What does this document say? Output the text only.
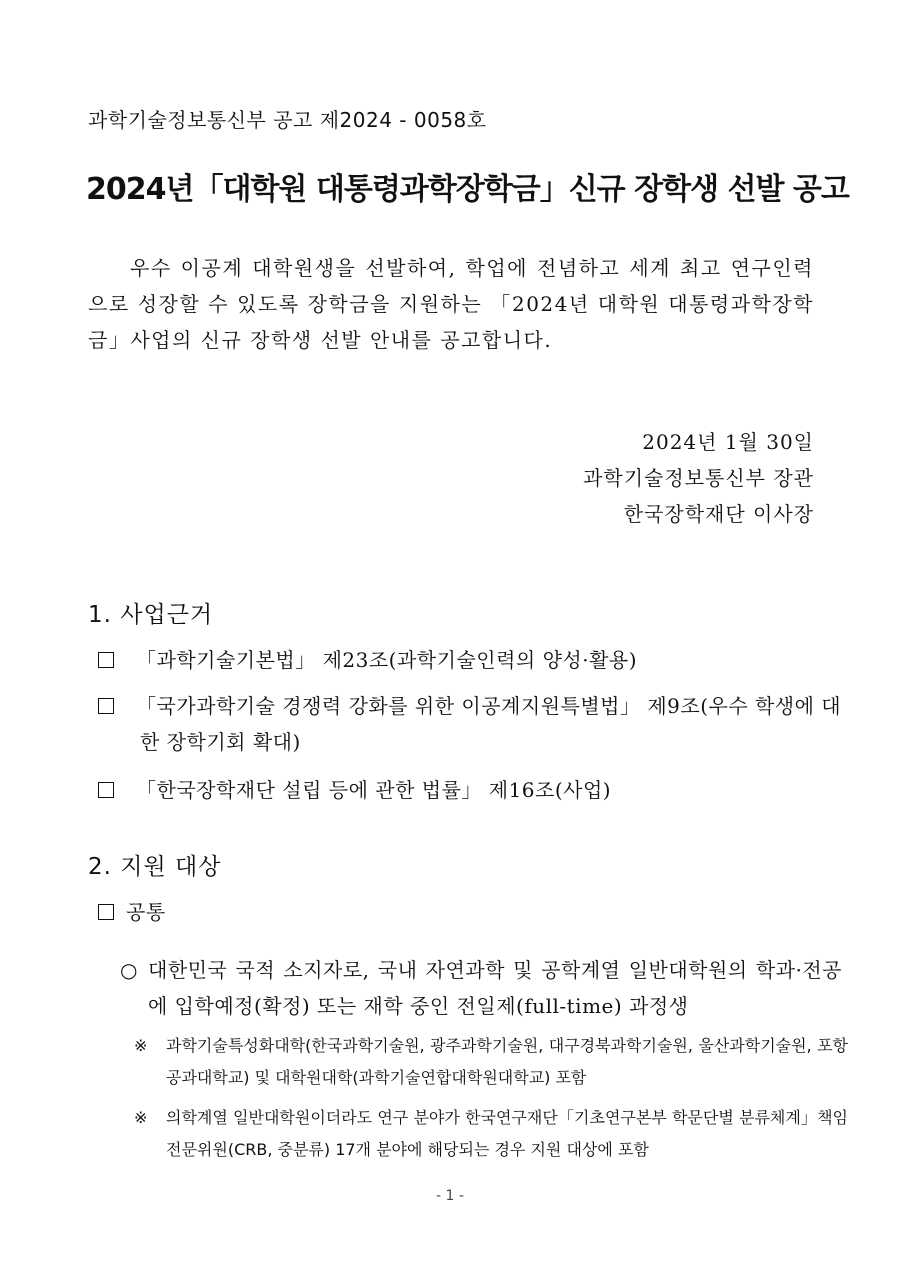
과학기술정보통신부 공고 제2024 - 0058호
2024년「대학원 대통령과학장학금」신규 장학생 선발 공고
우수 이공계 대학원생을 선발하여, 학업에 전념하고 세계 최고 연구인력으로 성장할 수 있도록 장학금을 지원하는 「2024년 대학원 대통령과학장학금」사업의 신규 장학생 선발 안내를 공고합니다.
2024년 1월 30일
과학기술정보통신부 장관
한국장학재단 이사장
1. 사업근거
「과학기술기본법」 제23조(과학기술인력의 양성·활용)
「국가과학기술 경쟁력 강화를 위한 이공계지원특별법」 제9조(우수 학생에 대한 장학기회 확대)
「한국장학재단 설립 등에 관한 법률」 제16조(사업)
2. 지원 대상
공통
○ 대한민국 국적 소지자로, 국내 자연과학 및 공학계열 일반대학원의 학과·전공에 입학예정(확정) 또는 재학 중인 전일제(full-time) 과정생
※ 과학기술특성화대학(한국과학기술원, 광주과학기술원, 대구경북과학기술원, 울산과학기술원, 포항공과대학교) 및 대학원대학(과학기술연합대학원대학교) 포함
※ 의학계열 일반대학원이더라도 연구 분야가 한국연구재단「기초연구본부 학문단별 분류체계」책임전문위원(CRB, 중분류) 17개 분야에 해당되는 경우 지원 대상에 포함
- 1 -
